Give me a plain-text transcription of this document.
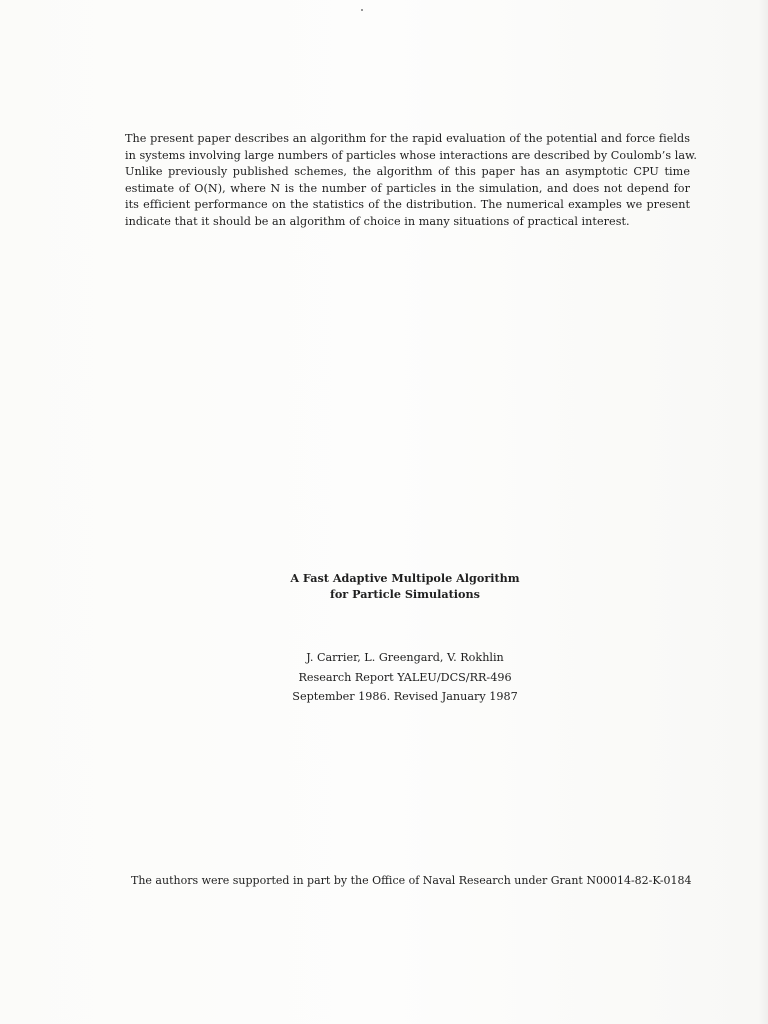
The present paper describes an algorithm for the rapid evaluation of the potential and force fields
in systems involving large numbers of particles whose interactions are described by Coulomb’s law.
Unlike previously published schemes, the algorithm of this paper has an asymptotic CPU time
estimate of O(N), where N is the number of particles in the simulation, and does not depend for
its efficient performance on the statistics of the distribution. The numerical examples we present
indicate that it should be an algorithm of choice in many situations of practical interest.
A Fast Adaptive Multipole Algorithm
for Particle Simulations
J. Carrier, L. Greengard, V. Rokhlin
Research Report YALEU/DCS/RR-496
September 1986. Revised January 1987
The authors were supported in part by the Office of Naval Research under Grant N00014-82-K-0184
